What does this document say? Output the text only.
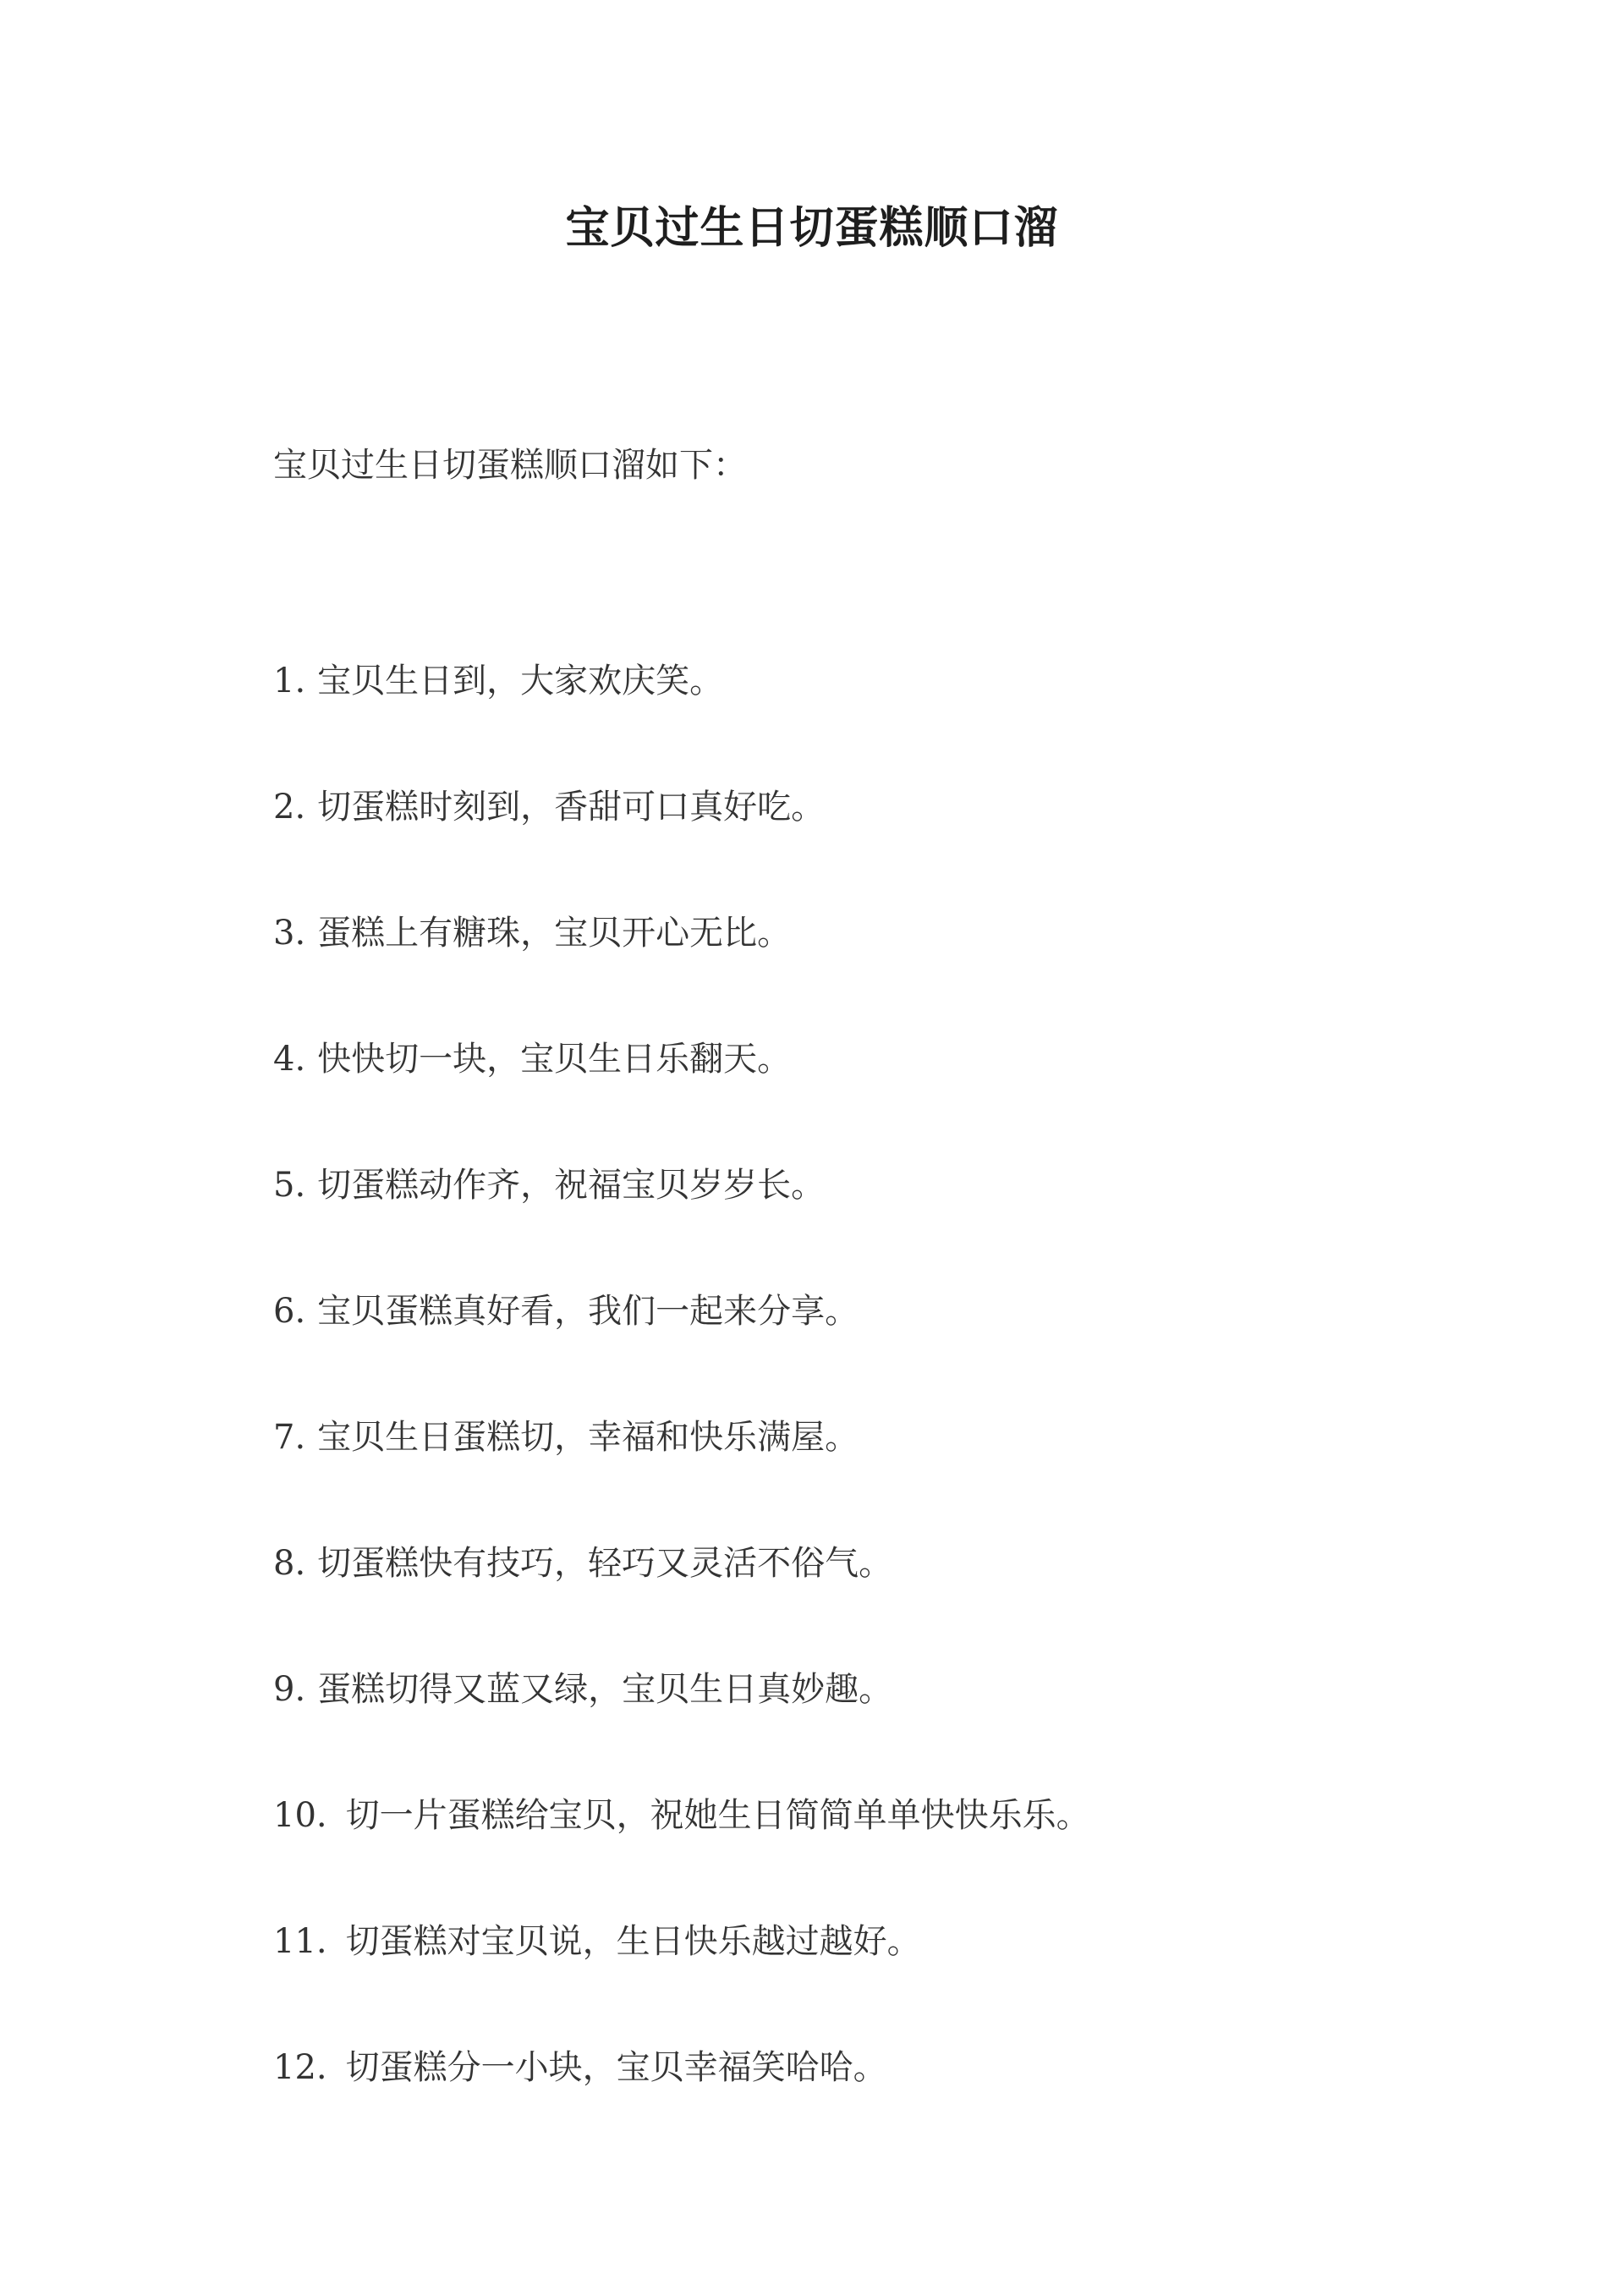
宝贝过生日切蛋糕顺口溜
宝贝过生日切蛋糕顺口溜如下：
1. 宝贝生日到，大家欢庆笑。
2. 切蛋糕时刻到，香甜可口真好吃。
3. 蛋糕上有糖珠，宝贝开心无比。
4. 快快切一块，宝贝生日乐翻天。
5. 切蛋糕动作齐，祝福宝贝岁岁长。
6. 宝贝蛋糕真好看，我们一起来分享。
7. 宝贝生日蛋糕切，幸福和快乐满屋。
8. 切蛋糕快有技巧，轻巧又灵活不俗气。
9. 蛋糕切得又蓝又绿，宝贝生日真妙趣。
10. 切一片蛋糕给宝贝，祝她生日简简单单快快乐乐。
11. 切蛋糕对宝贝说，生日快乐越过越好。
12. 切蛋糕分一小块，宝贝幸福笑哈哈。
